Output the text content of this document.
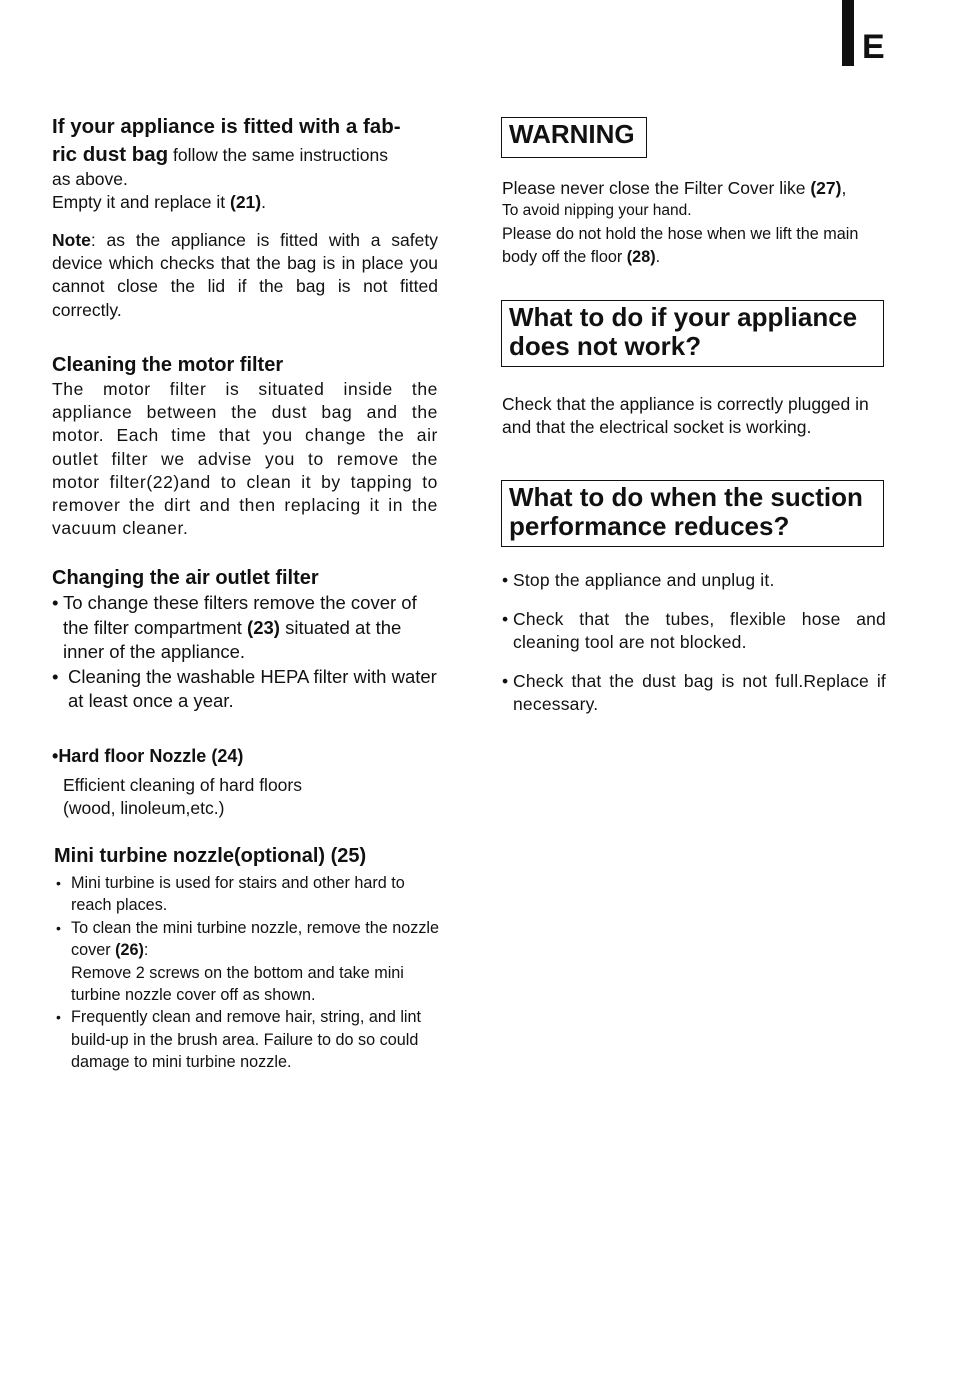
E

If your appliance is fitted with a fab-

ric dust bag follow the same instructions

as above.

Empty it and replace it (21).

Note: as the appliance is fitted with a safety device which checks that the bag is in place you cannot close the lid if the bag is not fitted correctly.

Cleaning the motor filter

The motor filter is situated inside the appliance between the dust bag and the motor. Each time that you change the air outlet filter we advise you to remove the motor filter(22)and to clean it by tapping to remover the dirt and then replacing it in the vacuum cleaner.

Changing the air outlet filter

• To change these filters remove the cover of the filter compartment (23) situated at the inner of the appliance.
• Cleaning the washable HEPA filter with water at least once a year.

•Hard floor Nozzle (24)

Efficient cleaning of hard floors

(wood, linoleum,etc.)

Mini turbine nozzle(optional) (25)

• Mini turbine is used for stairs and other hard to reach places.
• To clean the mini turbine nozzle, remove the nozzle cover (26):
Remove 2 screws on the bottom and take mini turbine nozzle cover off as shown.
• Frequently clean and remove hair, string, and lint build-up in the brush area. Failure to do so could damage to mini turbine nozzle.
WARNING

Please never close the Filter Cover like (27),

To avoid nipping your hand.

Please do not hold the hose when we lift the main body off the floor (28).

What to do if your appliance does not work?

Check that the appliance is correctly plugged in and that the electrical socket is working.

What to do when the suction performance reduces?
• Stop the appliance and unplug it.
• Check that the tubes, flexible hose and cleaning tool are not blocked.
• Check that the dust bag is not full.Replace if necessary.
